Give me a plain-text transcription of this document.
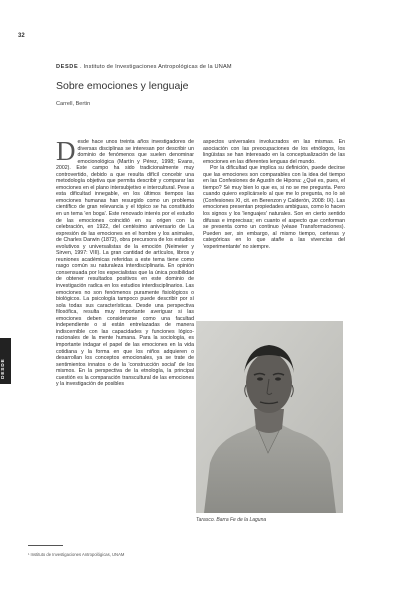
32
DESDE . Instituto de Investigaciones Antropológicas de la UNAM
Sobre emociones y lenguaje
Carrell, Bertin
D esde hace unos treinta años investigadores de diversas disciplinas se interesan por describir un dominio de fenómenos que suelen denominar emocionológica (Martín y Pérez, 1998; Evans, 2002). Este campo ha sido tradicionalmente muy controvertido, debido a que resulta difícil concebir una metodología objetiva que permita describir y comparar las emociones en el plano intersubjetivo e intercultural. Pese a esta dificultad innegable, en los últimos tiempos las emociones humanas han resurgido como un problema científico de gran relevancia y el tópico se ha constituido en un tema 'en boga'. Este renovado interés por el estudio de las emociones coincidió en su origen con la celebración, en 1922, del centésimo aniversario de La expresión de las emociones en el hombre y los animales, de Charles Darwin (1872), obra precursora de los estudios evolutivos y universalistas de la emoción (Neimeier y Sirven, 1997: VIII). La gran cantidad de artículos, libros y reuniones académicas referidas a este tema tiene como rasgo común su naturaleza interdisciplinaria. En opinión consensuada por los especialistas que la única posibilidad de obtener resultados positivos en este dominio de investigación radica en los estudios interdisciplinarios. Las emociones no son fenómenos puramente fisiológicos o biológicos. La psicología tampoco puede describir por sí sola todas sus características. Desde una perspectiva filosófica, resulta muy importante averiguar si las emociones deben considerarse como una facultad independiente o si están entrelazadas de manera indiscernible con las capacidades y funciones lógico-racionales de la mente humana. Para la sociología, es importante indagar el papel de las emociones en la vida cotidiana y la forma en que los niños adquieren o desarrollan los conceptos emocionales, ya se trate de sentimientos innatos o de la 'construcción social' de los mismos. En la perspectiva de la etnología, la principal cuestión es la comparación transcultural de las emociones y la investigación de posibles

aspectos universales involucrados en las mismas. En asociación con las preocupaciones de los etnólogos, los lingüistas se han interesado en la conceptualización de las emociones en las diferentes lenguas del mundo.

Por la dificultad que implica su definición, puede decirse que las emociones son comparables con la idea del tiempo en las Confesiones de Agustín de Hipona: ¿Qué es, pues, el tiempo? Sé muy bien lo que es, si no se me pregunta. Pero cuando quiero explicárselo al que me lo pregunta, no lo sé (Confesiones XI, cit. en Berenzon y Calderón, 2008: IX). Las emociones presentan propiedades ambiguas, como lo hacen los signos y los 'lenguajes' naturales. Son en cierto sentido difusas e imprecisas; en cuanto el aspecto que conforman se presenta como un continuo (véase Transformaciones). Pueden ser, sin embargo, al mismo tiempo, certeras y categóricas en lo que atañe a las vivencias del 'experimentante' no siempre.

DESDE
Tarasco. Barra Fe de la Laguna
¹ Instituto de Investigaciones Antropológicas, UNAM
